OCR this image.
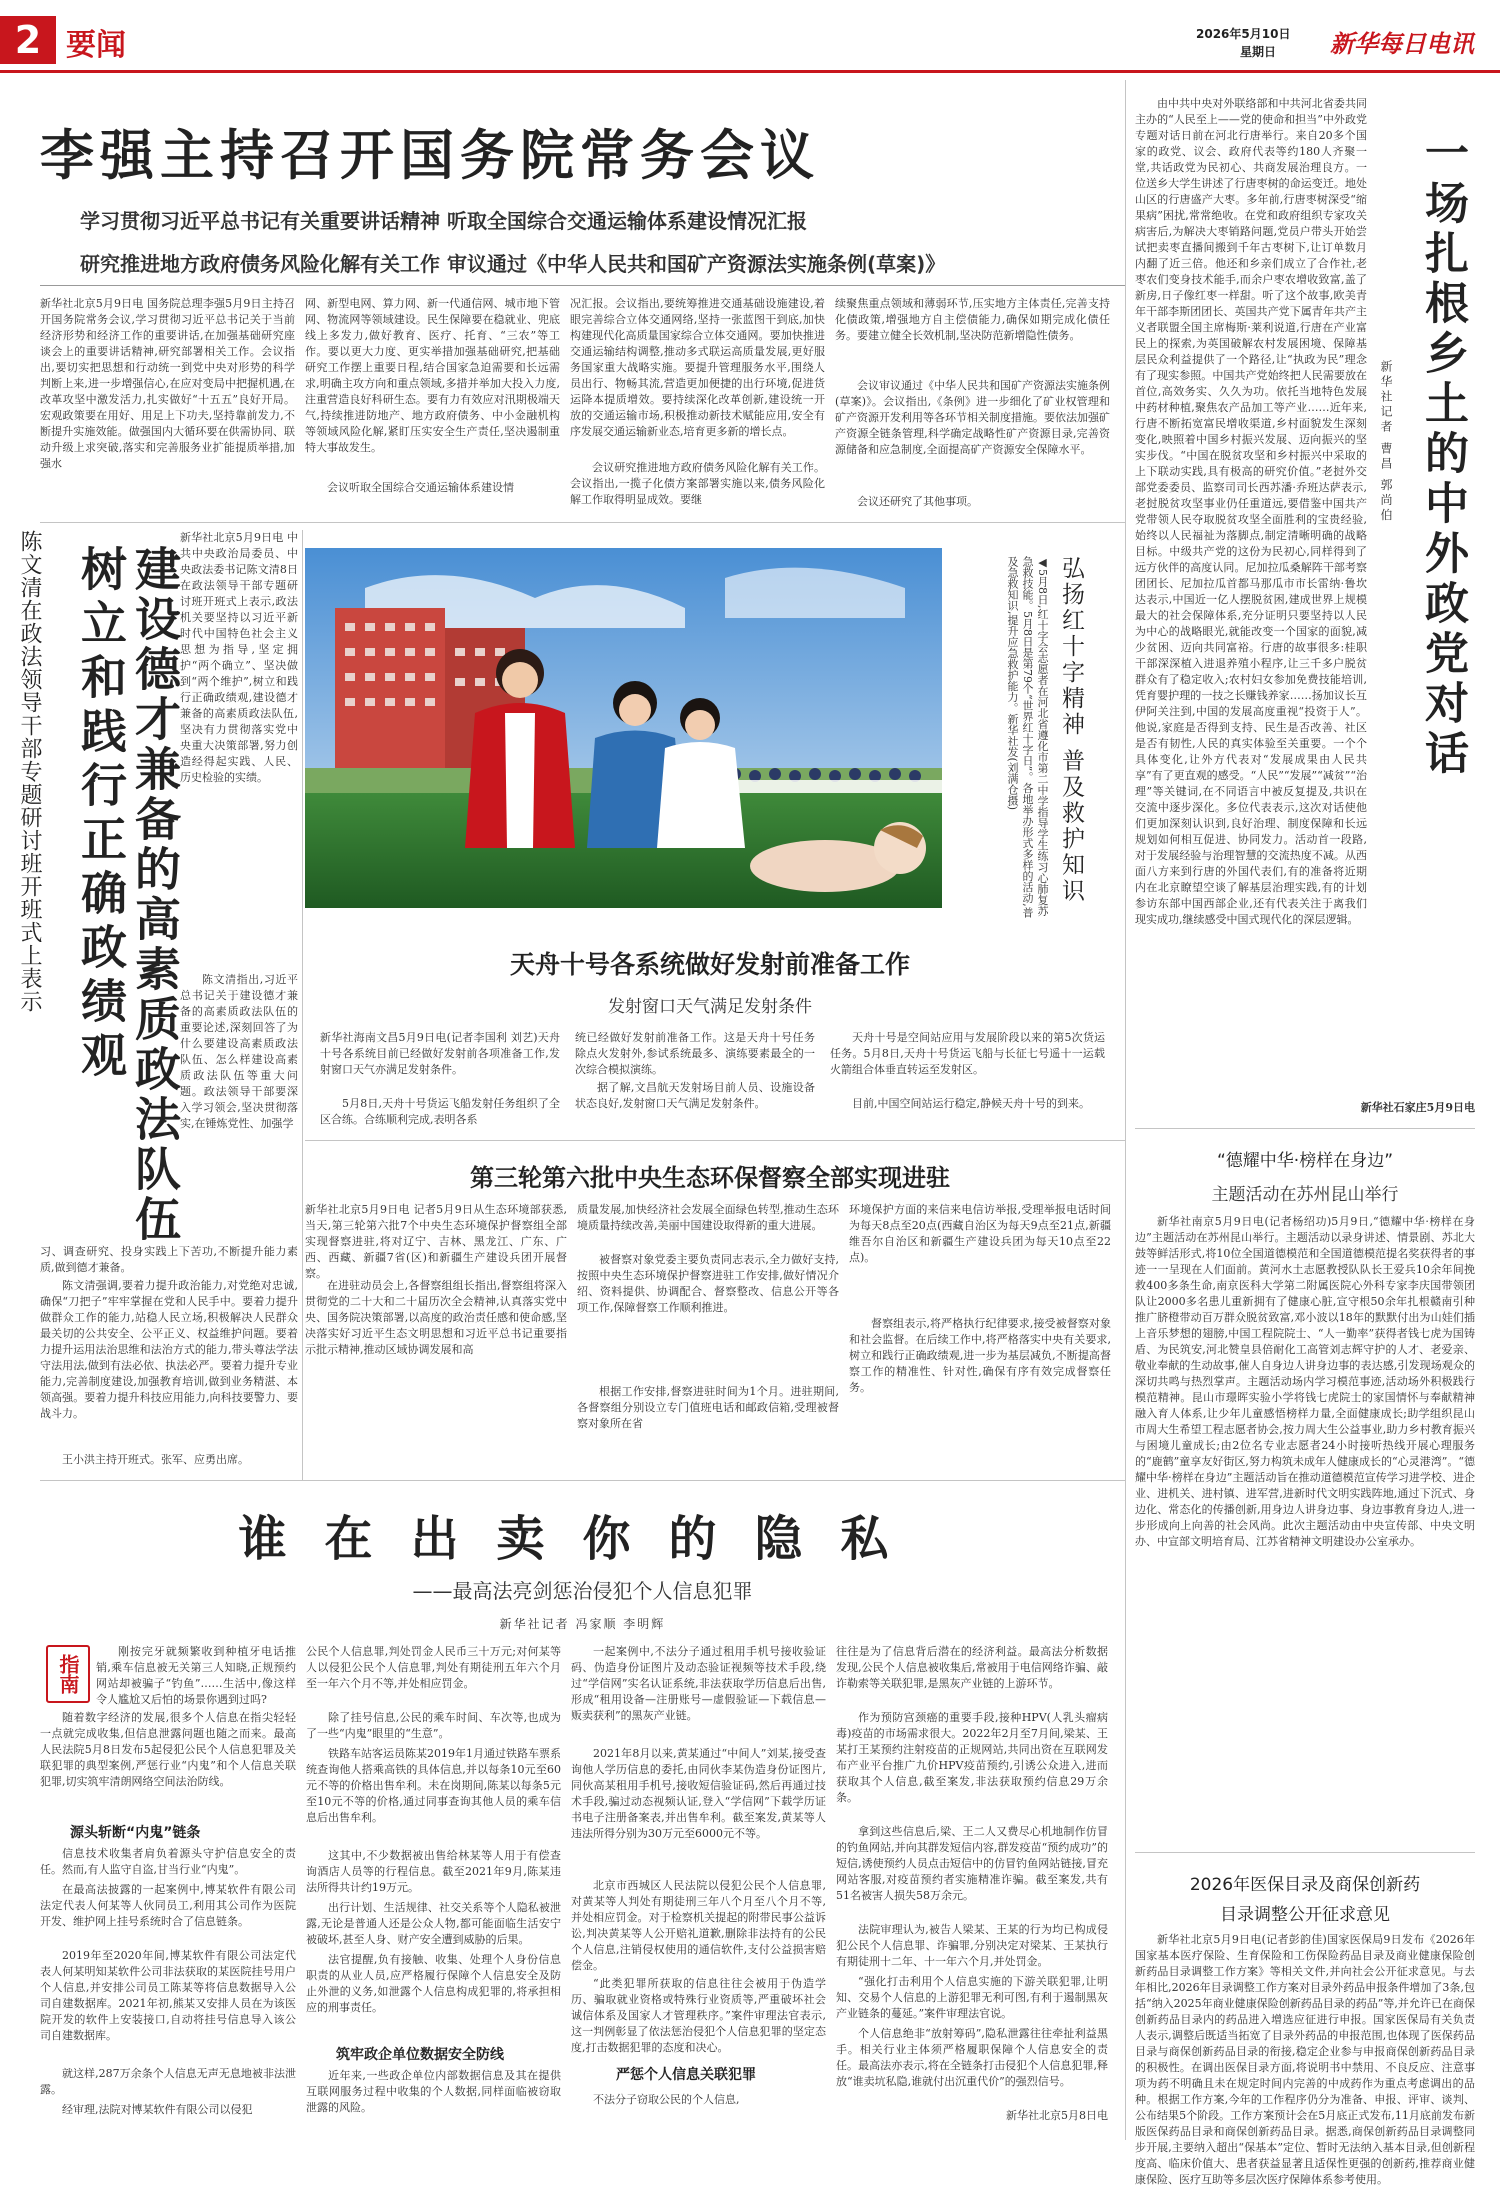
2 要闻	2026年5月10日
星期日 新华每日电讯
李强主持召开国务院常务会议
学习贯彻习近平总书记有关重要讲话精神 听取全国综合交通运输体系建设情况汇报
研究推进地方政府债务风险化解有关工作 审议通过《中华人民共和国矿产资源法实施条例(草案)》
新华社北京5月9日电 国务院总理李强5月9日主持召开国务院常务会议,学习贯彻习近平总书记关于当前经济形势和经济工作的重要讲话,在加强基础研究座谈会上的重要讲话精神,研究部署相关工作。会议指出,要切实把思想和行动统一到党中央对形势的科学判断上来,进一步增强信心,在应对变局中把握机遇,在改革攻坚中激发活力,扎实做好“十五五”良好开局。宏观政策要在用好、用足上下功夫,坚持靠前发力,不断提升实施效能。做强国内大循环要在供需协同、联动升级上求突破,落实和完善服务业扩能提质举措,加强水
网、新型电网、算力网、新一代通信网、城市地下管网、物流网等领域建设。民生保障要在稳就业、兜底线上多发力,做好教育、医疗、托育、“三农”等工作。要以更大力度、更实举措加强基础研究,把基础研究工作摆上重要日程,结合国家急迫需要和长远需求,明确主攻方向和重点领域,多措并举加大投入力度,注重营造良好科研生态。要有力有效应对汛期极端天气,持续推进防地产、地方政府债务、中小金融机构等领域风险化解,紧盯压实安全生产责任,坚决遏制重特大事故发生。
会议听取全国综合交通运输体系建设情
况汇报。会议指出,要统筹推进交通基础设施建设,着眼完善综合立体交通网络,坚持一张蓝图干到底,加快构建现代化高质量国家综合立体交通网。要加快推进交通运输结构调整,推动多式联运高质量发展,更好服务国家重大战略实施。要提升管理服务水平,围绕人员出行、物畅其流,营造更加便捷的出行环境,促进货运降本提质增效。要持续深化改革创新,建设统一开放的交通运输市场,积极推动新技术赋能应用,安全有序发展交通运输新业态,培育更多新的增长点。
会议研究推进地方政府债务风险化解有关工作。会议指出,一揽子化债方案部署实施以来,债务风险化解工作取得明显成效。要继
续聚焦重点领域和薄弱环节,压实地方主体责任,完善支持化债政策,增强地方自主偿债能力,确保如期完成化债任务。要建立健全长效机制,坚决防范新增隐性债务。
会议审议通过《中华人民共和国矿产资源法实施条例(草案)》。会议指出,《条例》进一步细化了矿业权管理和矿产资源开发利用等各环节相关制度措施。要依法加强矿产资源全链条管理,科学确定战略性矿产资源目录,完善资源储备和应急制度,全面提高矿产资源安全保障水平。
会议还研究了其他事项。
陈文清在政法领导干部专题研讨班开班式上表示 树立和践行正确政绩观 建设德才兼备的高素质政法队伍
新华社北京5月9日电 中共中央政治局委员、中央政法委书记陈文清8日在政法领导干部专题研讨班开班式上表示,政法机关要坚持以习近平新时代中国特色社会主义思想为指导,坚定拥护“两个确立”、坚决做到“两个维护”,树立和践行正确政绩观,建设德才兼备的高素质政法队伍,坚决有力贯彻落实党中央重大决策部署,努力创造经得起实践、人民、历史检验的实绩。
陈文清指出,习近平总书记关于建设德才兼备的高素质政法队伍的重要论述,深刻回答了为什么要建设高素质政法队伍、怎么样建设高素质政法队伍等重大问题。政法领导干部要深入学习领会,坚决贯彻落实,在锤炼党性、加强学
习、调查研究、投身实践上下苦功,不断提升能力素质,做到德才兼备。
陈文清强调,要着力提升政治能力,对党绝对忠诚,确保“刀把子”牢牢掌握在党和人民手中。要着力提升做群众工作的能力,站稳人民立场,积极解决人民群众最关切的公共安全、公平正义、权益维护问题。要着力提升运用法治思维和法治方式的能力,带头尊法学法守法用法,做到有法必依、执法必严。要着力提升专业能力,完善制度建设,加强教育培训,做到业务精湛、本领高强。要着力提升科技应用能力,向科技要警力、要战斗力。
王小洪主持开班式。张军、应勇出席。
弘扬红十字精神 普及救护知识
◀5月8日,红十字会志愿者在河北省遵化市第二中学指导学生练习心肺复苏急救技能。5月8日是第79个“世界红十字日”。各地举办形式多样的活动,普及急救知识,提升应急救护能力。新华社发(刘满仓摄)
天舟十号各系统做好发射前准备工作
发射窗口天气满足发射条件
新华社海南文昌5月9日电(记者李国利 刘艺)天舟十号各系统目前已经做好发射前各项准备工作,发射窗口天气亦满足发射条件。
5月8日,天舟十号货运飞船发射任务组织了全区合练。合练顺利完成,表明各系
统已经做好发射前准备工作。这是天舟十号任务除点火发射外,参试系统最多、演练要素最全的一次综合模拟演练。
据了解,文昌航天发射场目前人员、设施设备状态良好,发射窗口天气满足发射条件。
天舟十号是空间站应用与发展阶段以来的第5次货运任务。5月8日,天舟十号货运飞船与长征七号遥十一运载火箭组合体垂直转运至发射区。
目前,中国空间站运行稳定,静候天舟十号的到来。
第三轮第六批中央生态环保督察全部实现进驻
新华社北京5月9日电 记者5月9日从生态环境部获悉,当天,第三轮第六批7个中央生态环境保护督察组全部实现督察进驻,将对辽宁、吉林、黑龙江、广东、广西、西藏、新疆7省(区)和新疆生产建设兵团开展督察。
在进驻动员会上,各督察组组长指出,督察组将深入贯彻党的二十大和二十届历次全会精神,认真落实党中央、国务院决策部署,以高度的政治责任感和使命感,坚决落实好习近平生态文明思想和习近平总书记重要指示批示精神,推动区域协调发展和高
质量发展,加快经济社会发展全面绿色转型,推动生态环境质量持续改善,美丽中国建设取得新的重大进展。
被督察对象党委主要负责同志表示,全力做好支持,按照中央生态环境保护督察进驻工作安排,做好情况介绍、资料提供、协调配合、督察整改、信息公开等各项工作,保障督察工作顺利推进。
根据工作安排,督察进驻时间为1个月。进驻期间,各督察组分别设立专门值班电话和邮政信箱,受理被督察对象所在省
环境保护方面的来信来电信访举报,受理举报电话时间为每天8点至20点(西藏自治区为每天9点至21点,新疆维吾尔自治区和新疆生产建设兵团为每天10点至22点)。
督察组表示,将严格执行纪律要求,接受被督察对象和社会监督。在后续工作中,将严格落实中央有关要求,树立和践行正确政绩观,进一步为基层减负,不断提高督察工作的精准性、针对性,确保有序有效完成督察任务。
谁在出卖你的隐私
——最高法亮剑惩治侵犯个人信息犯罪
新华社记者 冯家顺 李明辉
指南
刚按完牙就频繁收到种植牙电话推销,乘车信息被无关第三人知晓,正规预约网站却被骗子“钓鱼”……生活中,像这样令人尴尬又后怕的场景你遇到过吗?
随着数字经济的发展,很多个人信息在指尖轻轻一点就完成收集,但信息泄露问题也随之而来。最高人民法院5月8日发布5起侵犯公民个人信息犯罪及关联犯罪的典型案例,严惩行业“内鬼”和个人信息关联犯罪,切实筑牢清朗网络空间法治防线。
源头斩断“内鬼”链条
信息技术收集者肩负着源头守护信息安全的责任。然而,有人监守自盗,甘当行业“内鬼”。
在最高法披露的一起案例中,博某软件有限公司法定代表人何某等人伙同员工,利用其公司作为医院开发、维护网上挂号系统时合了信息链条。
2019年至2020年间,博某软件有限公司法定代表人何某明知某软件公司非法获取的某医院挂号用户个人信息,并安排公司员工陈某等将信息数据导入公司自建数据库。2021年初,熊某又安排人员在为该医院开发的软件上安装接口,自动将挂号信息导入该公司自建数据库。
就这样,287万余条个人信息无声无息地被非法泄露。
经审理,法院对博某软件有限公司以侵犯
公民个人信息罪,判处罚金人民币三十万元;对何某等人以侵犯公民个人信息罪,判处有期徒刑五年六个月至一年六个月不等,并处相应罚金。
除了挂号信息,公民的乘车时间、车次等,也成为了一些“内鬼”眼里的“生意”。
铁路车站客运员陈某2019年1月通过铁路车票系统查询他人搭乘高铁的具体信息,并以每条10元至60元不等的价格出售牟利。未在岗期间,陈某以每条5元至10元不等的价格,通过同事查询其他人员的乘车信息后出售牟利。
这其中,不少数据被出售给林某等人用于有偿查询酒店人员等的行程信息。截至2021年9月,陈某违法所得共计约19万元。
出行计划、生活规律、社交关系等个人隐私被泄露,无论是普通人还是公众人物,都可能面临生活安宁被破坏,甚至人身、财产安全遭到威胁的后果。
法官提醒,负有接触、收集、处理个人身份信息职责的从业人员,应严格履行保障个人信息安全及防止外泄的义务,如泄露个人信息构成犯罪的,将承担相应的刑事责任。
筑牢政企单位数据安全防线
近年来,一些政企单位内部数据信息及其在提供互联网服务过程中收集的个人数据,同样面临被窃取泄露的风险。
一起案例中,不法分子通过租用手机号接收验证码、伪造身份证图片及动态验证视频等技术手段,绕过“学信网”实名认证系统,非法获取学历信息后出售,形成“租用设备—注册账号—虚假验证—下载信息—贩卖获利”的黑灰产业链。
2021年8月以来,黄某通过“中间人”刘某,接受查询他人学历信息的委托,由同伙李某伪造身份证图片,同伙高某租用手机号,接收短信验证码,然后再通过技术手段,骗过动态视频认证,登入“学信网”下载学历证书电子注册备案表,并出售牟利。截至案发,黄某等人违法所得分别为30万元至6000元不等。
北京市西城区人民法院以侵犯公民个人信息罪,对黄某等人判处有期徒刑三年八个月至八个月不等,并处相应罚金。对于检察机关提起的附带民事公益诉讼,判决黄某等人公开赔礼道歉,删除非法持有的公民个人信息,注销侵权使用的通信软件,支付公益损害赔偿金。
“此类犯罪所获取的信息往往会被用于伪造学历、骗取就业资格或特殊行业资质等,严重破坏社会诚信体系及国家人才管理秩序。”案件审理法官表示,这一判例彰显了依法惩治侵犯个人信息犯罪的坚定态度,打击数据犯罪的态度和决心。
严惩个人信息关联犯罪
不法分子窃取公民的个人信息,
往往是为了信息背后潜在的经济利益。最高法分析数据发现,公民个人信息被收集后,常被用于电信网络诈骗、敲诈勒索等关联犯罪,是黑灰产业链的上游环节。
作为预防宫颈癌的重要手段,接种HPV(人乳头瘤病毒)疫苗的市场需求很大。2022年2月至7月间,梁某、王某打王某预约注射疫苗的正规网站,共同出资在互联网发布产业平台推广九价HPV疫苗预约,引诱公众进入,进而获取其个人信息,截至案发,非法获取预约信息29万余条。
拿到这些信息后,梁、王二人又费尽心机地制作仿冒的钓鱼网站,并向其群发短信内容,群发疫苗“预约成功”的短信,诱使预约人员点击短信中的仿冒钓鱼网站链接,冒充网站客服,对疫苗预约者实施精准诈骗。截至案发,共有51名被害人损失58万余元。
法院审理认为,被告人梁某、王某的行为均已构成侵犯公民个人信息罪、诈骗罪,分别决定对梁某、王某执行有期徒刑十二年、十一年六个月,并处罚金。
“强化打击利用个人信息实施的下游关联犯罪,让明知、交易个人信息的上游犯罪无利可图,有利于遏制黑灰产业链条的蔓延。”案件审理法官说。
个人信息绝非“放射筹码”,隐私泄露往往牵扯利益黑手。相关行业主体须严格履职保障个人信息安全的责任。最高法亦表示,将在全链条打击侵犯个人信息犯罪,释放“谁卖坑私隐,谁就付出沉重代价”的强烈信号。
新华社北京5月8日电
由中共中央对外联络部和中共河北省委共同主办的“人民至上——党的使命和担当”中外政党专题对话日前在河北行唐举行。来自20多个国家的政党、议会、政府代表等约180人齐聚一堂,共话政党为民初心、共商发展治理良方。一位送乡大学生讲述了行唐枣树的命运变迁。地处山区的行唐盛产大枣。多年前,行唐枣树深受“缩果病”困扰,常常绝收。在党和政府组织专家攻关病害后,为解决大枣销路问题,党员户带头开始尝试把卖枣直播间搬到千年古枣树下,让订单数月内翻了近三倍。他还和乡亲们成立了合作社,老枣农们变身技术能手,而余户枣农增收致富,盖了新房,日子像红枣一样甜。听了这个故事,欧美青年干部李斯团团长、英国共产党下属青年共产主义者联盟全国主席梅斯·莱利说道,行唐在产业富民上的探索,为英国破解农村发展困境、保障基层民众利益提供了一个路径,让“执政为民”理念有了现实参照。中国共产党始终把人民需要放在首位,高效务实、久久为功。依托当地特色发展中药材种植,聚焦农产品加工等产业……近年来,行唐不断拓宽富民增收渠道,乡村面貌发生深刻变化,映照着中国乡村振兴发展、迈向振兴的坚实步伐。“中国在脱贫攻坚和乡村振兴中采取的上下联动实践,具有极高的研究价值。”老挝外交部党委委员、监察司司长西苏潘·乔班达萨表示,老挝脱贫攻坚事业仍任重道远,要借鉴中国共产党带领人民夺取脱贫攻坚全面胜利的宝贵经验,始终以人民福祉为落脚点,制定清晰明确的战略目标。中级共产党的这份为民初心,同样得到了远方伙伴的高度认同。尼加拉瓜桑解阵干部考察团团长、尼加拉瓜首都马那瓜市市长雷纳·鲁坎达表示,中国近一亿人摆脱贫困,建成世界上规模最大的社会保障体系,充分证明只要坚持以人民为中心的战略眼光,就能改变一个国家的面貌,减少贫困、迈向共同富裕。行唐的故事很多:桂职干部深深植入进退养殖小程序,让三千多户脱贫群众有了稳定收入;农村妇女参加免费技能培训,凭育婴护理的一技之长赚钱养家……扬加议长互伊阿关注到,中国的发展高度重视“投资于人”。他说,家庭是否得到支持、民生是否改善、社区是否有韧性,人民的真实体验至关重要。一个个具体变化,让外方代表对“发展成果由人民共享”有了更直观的感受。“人民”“发展”“减贫”“治理”等关键词,在不同语言中被反复提及,共识在交流中逐步深化。多位代表表示,这次对话使他们更加深刻认识到,良好治理、制度保障和长远规划如何相互促进、协同发力。活动首一段路,对于发展经验与治理智慧的交流热度不减。从西面八方来到行唐的外国代表们,有的准备将近期内在北京瞭望空谈了解基层治理实践,有的计划参访东部中国西部企业,还有代表关注于离我们现实成功,继续感受中国式现代化的深层逻辑。
一场扎根乡土的中外政党对话
新华社记者 曹昌 郭尚伯
新华社石家庄5月9日电
“德耀中华·榜样在身边”
主题活动在苏州昆山举行
新华社南京5月9日电(记者杨绍功)5月9日,“德耀中华·榜样在身边”主题活动在苏州昆山举行。主题活动以录身讲述、情景剧、苏北大鼓等鲜活形式,将10位全国道德模范和全国道德模范提名奖获得者的事迹一一呈现在人们面前。黄河水土志愿教授队队长王爱兵10余年间挽救400多条生命,南京医科大学第二附属医院心外科专家李庆国带领团队让2000多名患儿重新拥有了健康心脏,宣守根50余年扎根赣南引种推广脐橙带动百万群众脱贫致富,邓小波以18年的默默付出为山娃们插上音乐梦想的翅膀,中国工程院院士、“人一勤率”获得者钱七虎为国铸盾、为民筑安,河北赞皇县倍耐化工高管刘志辉守护的人才、老爱亲、敬业奉献的生动故事,催人自身边人讲身边事的表达感,引发现场观众的深切共鸣与热烈掌声。主题活动场内学习模范事迹,活动场外积极践行模范精神。昆山市璟晖实验小学将钱七虎院士的家国情怀与奉献精神融入育人体系,让少年儿童感悟榜样力量,全面健康成长;助学组织昆山市周大生希望工程志愿者协会,按力周大生公益事业,助力乡村教育振兴与困境儿童成长;由2位名专业志愿者24小时接听热线开展心理服务的“鹿鹤”童享友好街区,努力构筑未成年人健康成长的“心灵港湾”。“德耀中华·榜样在身边”主题活动旨在推动道德模范宣传学习进学校、进企业、进机关、进村镇、进军营,进新时代文明实践阵地,通过下沉式、身边化、常态化的传播创新,用身边人讲身边事、身边事教育身边人,进一步形成向上向善的社会风尚。此次主题活动由中央宣传部、中央文明办、中宣部文明培育局、江苏省精神文明建设办公室承办。
2026年医保目录及商保创新药
目录调整公开征求意见
新华社北京5月9日电(记者彭韵佳)国家医保局9日发布《2026年国家基本医疗保险、生育保险和工伤保险药品目录及商业健康保险创新药品目录调整工作方案》等相关文件,并向社会公开征求意见。与去年相比,2026年目录调整工作方案对目录外药品申报条件增加了3条,包括“纳入2025年商业健康保险创新药品目录的药品”等,并允许已在商保创新药品目录内的药品进入增选应征进行申报。国家医保局有关负责人表示,调整后既适当拓宽了目录外药品的申报范围,也体现了医保药品目录与商保创新药品目录的衔接,稳定企业参与申报商保创新药品目录的积极性。在调出医保目录方面,将说明书中禁用、不良反应、注意事项为药不明确且未在规定时间内完善的中成药作为重点考虑调出的品种。根据工作方案,今年的工作程序仍分为准备、申报、评审、谈判、公布结果5个阶段。工作方案预计会在5月底正式发布,11月底前发布新版医保药品目录和商保创新药品目录。据悉,商保创新药品目录调整同步开展,主要纳入超出“保基本”定位、暂时无法纳入基本目录,但创新程度高、临床价值大、患者获益显著且适保性更强的创新药,推荐商业健康保险、医疗互助等多层次医疗保障体系参考使用。
